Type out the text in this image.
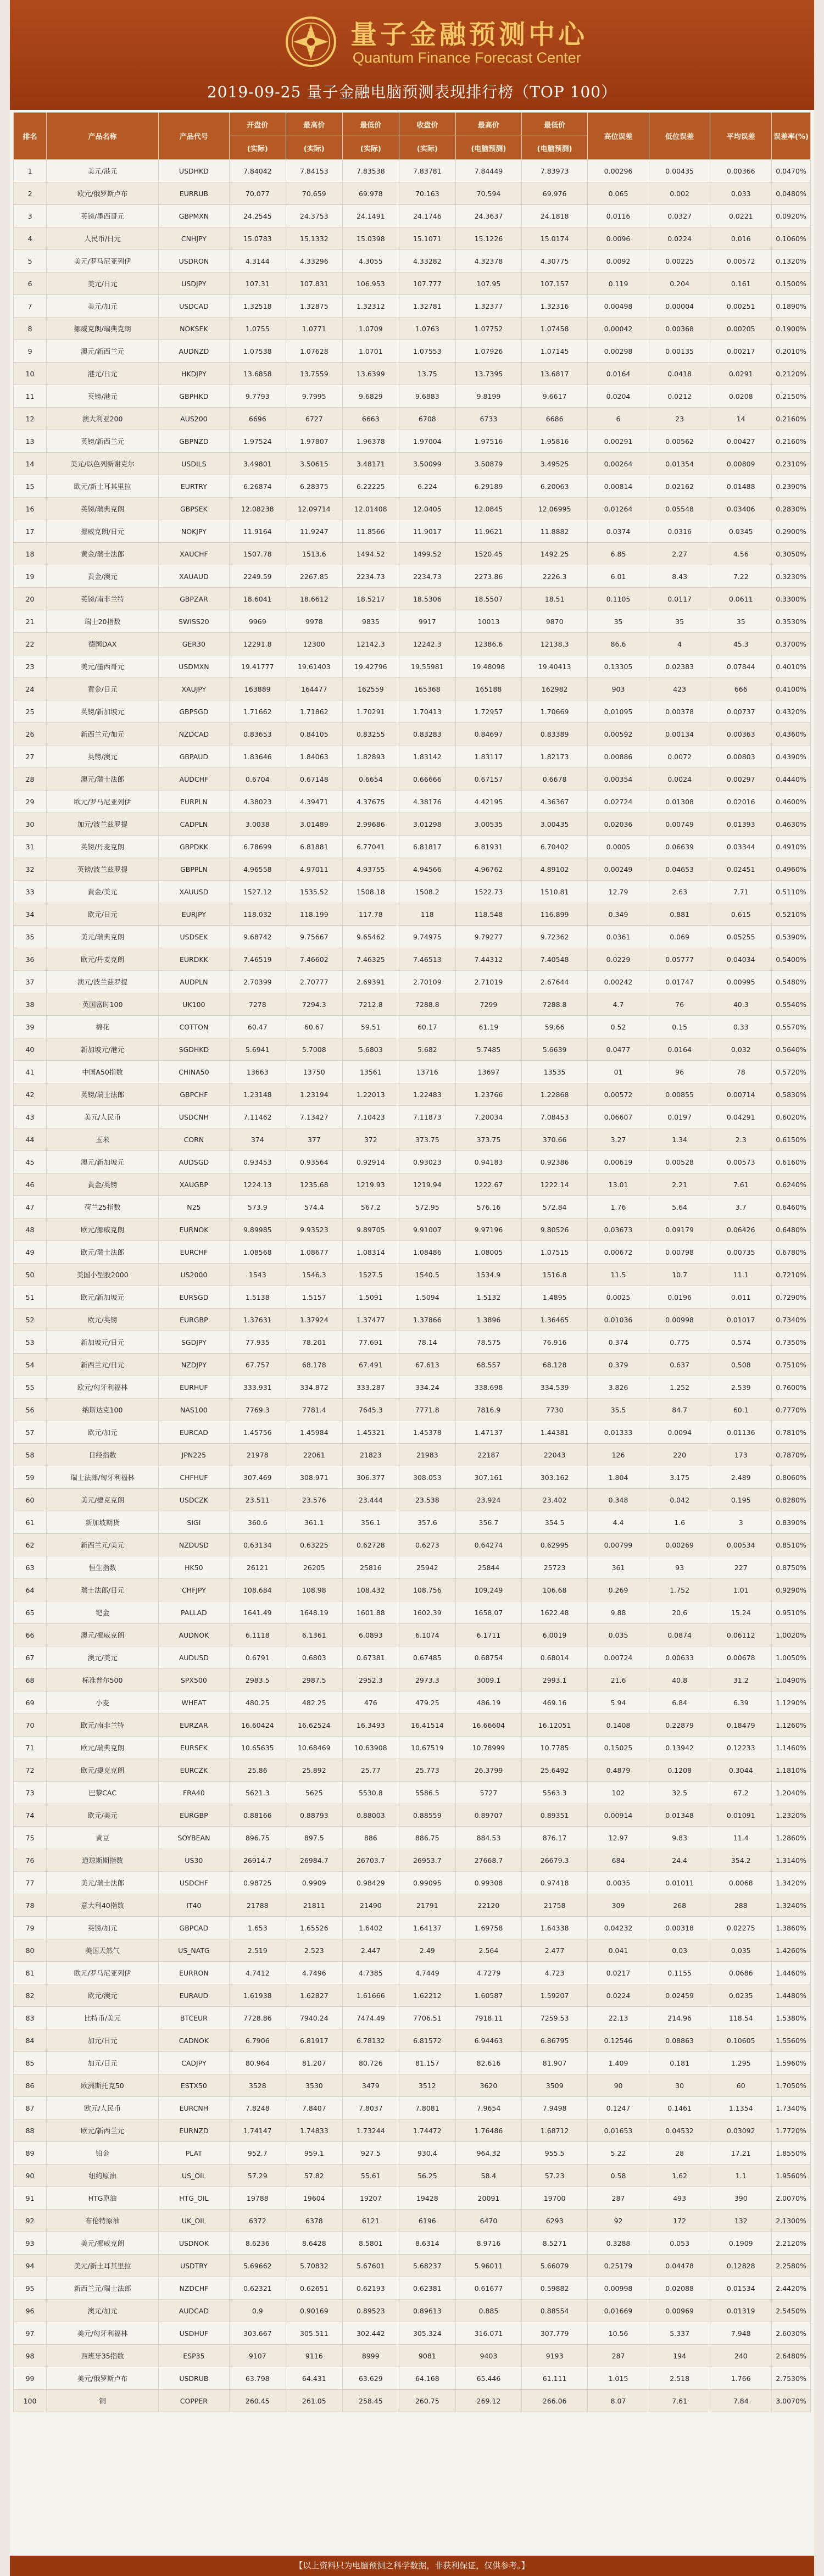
量子金融预测中心
Quantum Finance Forecast Center
2019-09-25 量子金融电脑预测表现排行榜（TOP 100）
排名	产品名称	产品代号	开盘价	最高价	最低价	收盘价	最高价	最低价	高位误差	低位误差	平均误差	误差率(%)
			(实际)	(实际)	(实际)	(实际)	(电脑预测)	(电脑预测)				
1	美元/港元	USDHKD	7.84042	7.84153	7.83538	7.83781	7.84449	7.83973	0.00296	0.00435	0.00366	0.0470%
2	欧元/俄罗斯卢布	EURRUB	70.077	70.659	69.978	70.163	70.594	69.976	0.065	0.002	0.033	0.0480%
3	英镑/墨西哥元	GBPMXN	24.2545	24.3753	24.1491	24.1746	24.3637	24.1818	0.0116	0.0327	0.0221	0.0920%
4	人民币/日元	CNHJPY	15.0783	15.1332	15.0398	15.1071	15.1226	15.0174	0.0096	0.0224	0.016	0.1060%
5	美元/罗马尼亚列伊	USDRON	4.3144	4.33296	4.3055	4.33282	4.32378	4.30775	0.0092	0.00225	0.00572	0.1320%
6	美元/日元	USDJPY	107.31	107.831	106.953	107.777	107.95	107.157	0.119	0.204	0.161	0.1500%
7	美元/加元	USDCAD	1.32518	1.32875	1.32312	1.32781	1.32377	1.32316	0.00498	0.00004	0.00251	0.1890%
8	挪威克朗/瑞典克朗	NOKSEK	1.0755	1.0771	1.0709	1.0763	1.07752	1.07458	0.00042	0.00368	0.00205	0.1900%
9	澳元/新西兰元	AUDNZD	1.07538	1.07628	1.0701	1.07553	1.07926	1.07145	0.00298	0.00135	0.00217	0.2010%
10	港元/日元	HKDJPY	13.6858	13.7559	13.6399	13.75	13.7395	13.6817	0.0164	0.0418	0.0291	0.2120%
11	英镑/港元	GBPHKD	9.7793	9.7995	9.6829	9.6883	9.8199	9.6617	0.0204	0.0212	0.0208	0.2150%
12	澳大利亚200	AUS200	6696	6727	6663	6708	6733	6686	6	23	14	0.2160%
13	英镑/新西兰元	GBPNZD	1.97524	1.97807	1.96378	1.97004	1.97516	1.95816	0.00291	0.00562	0.00427	0.2160%
14	美元/以色列新谢克尔	USDILS	3.49801	3.50615	3.48171	3.50099	3.50879	3.49525	0.00264	0.01354	0.00809	0.2310%
15	欧元/新土耳其里拉	EURTRY	6.26874	6.28375	6.22225	6.224	6.29189	6.20063	0.00814	0.02162	0.01488	0.2390%
16	英镑/瑞典克朗	GBPSEK	12.08238	12.09714	12.01408	12.0405	12.0845	12.06995	0.01264	0.05548	0.03406	0.2830%
17	挪威克朗/日元	NOKJPY	11.9164	11.9247	11.8566	11.9017	11.9621	11.8882	0.0374	0.0316	0.0345	0.2900%
18	黄金/瑞士法郎	XAUCHF	1507.78	1513.6	1494.52	1499.52	1520.45	1492.25	6.85	2.27	4.56	0.3050%
19	黄金/澳元	XAUAUD	2249.59	2267.85	2234.73	2234.73	2273.86	2226.3	6.01	8.43	7.22	0.3230%
20	英镑/南非兰特	GBPZAR	18.6041	18.6612	18.5217	18.5306	18.5507	18.51	0.1105	0.0117	0.0611	0.3300%
21	瑞士20指数	SWISS20	9969	9978	9835	9917	10013	9870	35	35	35	0.3530%
22	德国DAX	GER30	12291.8	12300	12142.3	12242.3	12386.6	12138.3	86.6	4	45.3	0.3700%
23	美元/墨西哥元	USDMXN	19.41777	19.61403	19.42796	19.55981	19.48098	19.40413	0.13305	0.02383	0.07844	0.4010%
24	黄金/日元	XAUJPY	163889	164477	162559	165368	165188	162982	903	423	666	0.4100%
25	英镑/新加坡元	GBPSGD	1.71662	1.71862	1.70291	1.70413	1.72957	1.70669	0.01095	0.00378	0.00737	0.4320%
26	新西兰元/加元	NZDCAD	0.83653	0.84105	0.83255	0.83283	0.84697	0.83389	0.00592	0.00134	0.00363	0.4360%
27	英镑/澳元	GBPAUD	1.83646	1.84063	1.82893	1.83142	1.83117	1.82173	0.00886	0.0072	0.00803	0.4390%
28	澳元/瑞士法郎	AUDCHF	0.6704	0.67148	0.6654	0.66666	0.67157	0.6678	0.00354	0.0024	0.00297	0.4440%
29	欧元/罗马尼亚列伊	EURPLN	4.38023	4.39471	4.37675	4.38176	4.42195	4.36367	0.02724	0.01308	0.02016	0.4600%
30	加元/波兰兹罗提	CADPLN	3.0038	3.01489	2.99686	3.01298	3.00535	3.00435	0.02036	0.00749	0.01393	0.4630%
31	英镑/丹麦克朗	GBPDKK	6.78699	6.81881	6.77041	6.81817	6.81931	6.70402	0.0005	0.06639	0.03344	0.4910%
32	英镑/波兰兹罗提	GBPPLN	4.96558	4.97011	4.93755	4.94566	4.96762	4.89102	0.00249	0.04653	0.02451	0.4960%
33	黄金/美元	XAUUSD	1527.12	1535.52	1508.18	1508.2	1522.73	1510.81	12.79	2.63	7.71	0.5110%
34	欧元/日元	EURJPY	118.032	118.199	117.78	118	118.548	116.899	0.349	0.881	0.615	0.5210%
35	美元/瑞典克朗	USDSEK	9.68742	9.75667	9.65462	9.74975	9.79277	9.72362	0.0361	0.069	0.05255	0.5390%
36	欧元/丹麦克朗	EURDKK	7.46519	7.46602	7.46325	7.46513	7.44312	7.40548	0.0229	0.05777	0.04034	0.5400%
37	澳元/波兰兹罗提	AUDPLN	2.70399	2.70777	2.69391	2.70109	2.71019	2.67644	0.00242	0.01747	0.00995	0.5480%
38	英国富时100	UK100	7278	7294.3	7212.8	7288.8	7299	7288.8	4.7	76	40.3	0.5540%
39	棉花	COTTON	60.47	60.67	59.51	60.17	61.19	59.66	0.52	0.15	0.33	0.5570%
40	新加坡元/港元	SGDHKD	5.6941	5.7008	5.6803	5.682	5.7485	5.6639	0.0477	0.0164	0.032	0.5640%
41	中国A50指数	CHINA50	13663	13750	13561	13716	13697	13535	01	96	78	0.5720%
42	英镑/瑞士法郎	GBPCHF	1.23148	1.23194	1.22013	1.22483	1.23766	1.22868	0.00572	0.00855	0.00714	0.5830%
43	美元/人民币	USDCNH	7.11462	7.13427	7.10423	7.11873	7.20034	7.08453	0.06607	0.0197	0.04291	0.6020%
44	玉米	CORN	374	377	372	373.75	373.75	370.66	3.27	1.34	2.3	0.6150%
45	澳元/新加坡元	AUDSGD	0.93453	0.93564	0.92914	0.93023	0.94183	0.92386	0.00619	0.00528	0.00573	0.6160%
46	黄金/英镑	XAUGBP	1224.13	1235.68	1219.93	1219.94	1222.67	1222.14	13.01	2.21	7.61	0.6240%
47	荷兰25指数	N25	573.9	574.4	567.2	572.95	576.16	572.84	1.76	5.64	3.7	0.6460%
48	欧元/挪威克朗	EURNOK	9.89985	9.93523	9.89705	9.91007	9.97196	9.80526	0.03673	0.09179	0.06426	0.6480%
49	欧元/瑞士法郎	EURCHF	1.08568	1.08677	1.08314	1.08486	1.08005	1.07515	0.00672	0.00798	0.00735	0.6780%
50	美国小型股2000	US2000	1543	1546.3	1527.5	1540.5	1534.9	1516.8	11.5	10.7	11.1	0.7210%
51	欧元/新加坡元	EURSGD	1.5138	1.5157	1.5091	1.5094	1.5132	1.4895	0.0025	0.0196	0.011	0.7290%
52	欧元/英镑	EURGBP	1.37631	1.37924	1.37477	1.37866	1.3896	1.36465	0.01036	0.00998	0.01017	0.7340%
53	新加坡元/日元	SGDJPY	77.935	78.201	77.691	78.14	78.575	76.916	0.374	0.775	0.574	0.7350%
54	新西兰元/日元	NZDJPY	67.757	68.178	67.491	67.613	68.557	68.128	0.379	0.637	0.508	0.7510%
55	欧元/匈牙利福林	EURHUF	333.931	334.872	333.287	334.24	338.698	334.539	3.826	1.252	2.539	0.7600%
56	纳斯达克100	NAS100	7769.3	7781.4	7645.3	7771.8	7816.9	7730	35.5	84.7	60.1	0.7770%
57	欧元/加元	EURCAD	1.45756	1.45984	1.45321	1.45378	1.47137	1.44381	0.01333	0.0094	0.01136	0.7810%
58	日经指数	JPN225	21978	22061	21823	21983	22187	22043	126	220	173	0.7870%
59	瑞士法郎/匈牙利福林	CHFHUF	307.469	308.971	306.377	308.053	307.161	303.162	1.804	3.175	2.489	0.8060%
60	美元/捷克克朗	USDCZK	23.511	23.576	23.444	23.538	23.924	23.402	0.348	0.042	0.195	0.8280%
61	新加坡期货	SIGI	360.6	361.1	356.1	357.6	356.7	354.5	4.4	1.6	3	0.8390%
62	新西兰元/美元	NZDUSD	0.63134	0.63225	0.62728	0.6273	0.64274	0.62995	0.00799	0.00269	0.00534	0.8510%
63	恒生指数	HK50	26121	26205	25816	25942	25844	25723	361	93	227	0.8750%
64	瑞士法郎/日元	CHFJPY	108.684	108.98	108.432	108.756	109.249	106.68	0.269	1.752	1.01	0.9290%
65	钯金	PALLAD	1641.49	1648.19	1601.88	1602.39	1658.07	1622.48	9.88	20.6	15.24	0.9510%
66	澳元/挪威克朗	AUDNOK	6.1118	6.1361	6.0893	6.1074	6.1711	6.0019	0.035	0.0874	0.06112	1.0020%
67	澳元/美元	AUDUSD	0.6791	0.6803	0.67381	0.67485	0.68754	0.68014	0.00724	0.00633	0.00678	1.0050%
68	标准普尔500	SPX500	2983.5	2987.5	2952.3	2973.3	3009.1	2993.1	21.6	40.8	31.2	1.0490%
69	小麦	WHEAT	480.25	482.25	476	479.25	486.19	469.16	5.94	6.84	6.39	1.1290%
70	欧元/南非兰特	EURZAR	16.60424	16.62524	16.3493	16.41514	16.66604	16.12051	0.1408	0.22879	0.18479	1.1260%
71	欧元/瑞典克朗	EURSEK	10.65635	10.68469	10.63908	10.67519	10.78999	10.7785	0.15025	0.13942	0.12233	1.1460%
72	欧元/捷克克朗	EURCZK	25.86	25.892	25.77	25.773	26.3799	25.6492	0.4879	0.1208	0.3044	1.1810%
73	巴黎CAC	FRA40	5621.3	5625	5530.8	5586.5	5727	5563.3	102	32.5	67.2	1.2040%
74	欧元/美元	EURGBP	0.88166	0.88793	0.88003	0.88559	0.89707	0.89351	0.00914	0.01348	0.01091	1.2320%
75	黄豆	SOYBEAN	896.75	897.5	886	886.75	884.53	876.17	12.97	9.83	11.4	1.2860%
76	道琼斯期指数	US30	26914.7	26984.7	26703.7	26953.7	27668.7	26679.3	684	24.4	354.2	1.3140%
77	美元/瑞士法郎	USDCHF	0.98725	0.9909	0.98429	0.99095	0.99308	0.97418	0.0035	0.01011	0.0068	1.3420%
78	意大利40指数	IT40	21788	21811	21490	21791	22120	21758	309	268	288	1.3240%
79	英镑/加元	GBPCAD	1.653	1.65526	1.6402	1.64137	1.69758	1.64338	0.04232	0.00318	0.02275	1.3860%
80	美国天然气	US_NATG	2.519	2.523	2.447	2.49	2.564	2.477	0.041	0.03	0.035	1.4260%
81	欧元/罗马尼亚列伊	EURRON	4.7412	4.7496	4.7385	4.7449	4.7279	4.723	0.0217	0.1155	0.0686	1.4460%
82	欧元/澳元	EURAUD	1.61938	1.62827	1.61666	1.62212	1.60587	1.59207	0.0224	0.02459	0.0235	1.4480%
83	比特币/美元	BTCEUR	7728.86	7940.24	7474.49	7706.51	7918.11	7259.53	22.13	214.96	118.54	1.5380%
84	加元/日元	CADNOK	6.7906	6.81917	6.78132	6.81572	6.94463	6.86795	0.12546	0.08863	0.10605	1.5560%
85	加元/日元	CADJPY	80.964	81.207	80.726	81.157	82.616	81.907	1.409	0.181	1.295	1.5960%
86	欧洲斯托克50	ESTX50	3528	3530	3479	3512	3620	3509	90	30	60	1.7050%
87	欧元/人民币	EURCNH	7.8248	7.8407	7.8037	7.8081	7.9654	7.9498	0.1247	0.1461	1.1354	1.7340%
88	欧元/新西兰元	EURNZD	1.74147	1.74833	1.73244	1.74472	1.76486	1.68712	0.01653	0.04532	0.03092	1.7720%
89	铂金	PLAT	952.7	959.1	927.5	930.4	964.32	955.5	5.22	28	17.21	1.8550%
90	纽约原油	US_OIL	57.29	57.82	55.61	56.25	58.4	57.23	0.58	1.62	1.1	1.9560%
91	HTG原油	HTG_OIL	19788	19604	19207	19428	20091	19700	287	493	390	2.0070%
92	布伦特原油	UK_OIL	6372	6378	6121	6196	6470	6293	92	172	132	2.1300%
93	美元/挪威克朗	USDNOK	8.6236	8.6428	8.5801	8.6314	8.9716	8.5271	0.3288	0.053	0.1909	2.2120%
94	美元/新土耳其里拉	USDTRY	5.69662	5.70832	5.67601	5.68237	5.96011	5.66079	0.25179	0.04478	0.12828	2.2580%
95	新西兰元/瑞士法郎	NZDCHF	0.62321	0.62651	0.62193	0.62381	0.61677	0.59882	0.00998	0.02088	0.01534	2.4420%
96	澳元/加元	AUDCAD	0.9	0.90169	0.89523	0.89613	0.885	0.88554	0.01669	0.00969	0.01319	2.5450%
97	美元/匈牙利福林	USDHUF	303.667	305.511	302.442	305.324	316.071	307.779	10.56	5.337	7.948	2.6030%
98	西班牙35指数	ESP35	9107	9116	8999	9081	9403	9193	287	194	240	2.6480%
99	美元/俄罗斯卢布	USDRUB	63.798	64.431	63.629	64.168	65.446	61.111	1.015	2.518	1.766	2.7530%
100	铜	COPPER	260.45	261.05	258.45	260.75	269.12	266.06	8.07	7.61	7.84	3.0070%
【以上资料只为电脑预测之科学数据，非获利保证，仅供参考。】
